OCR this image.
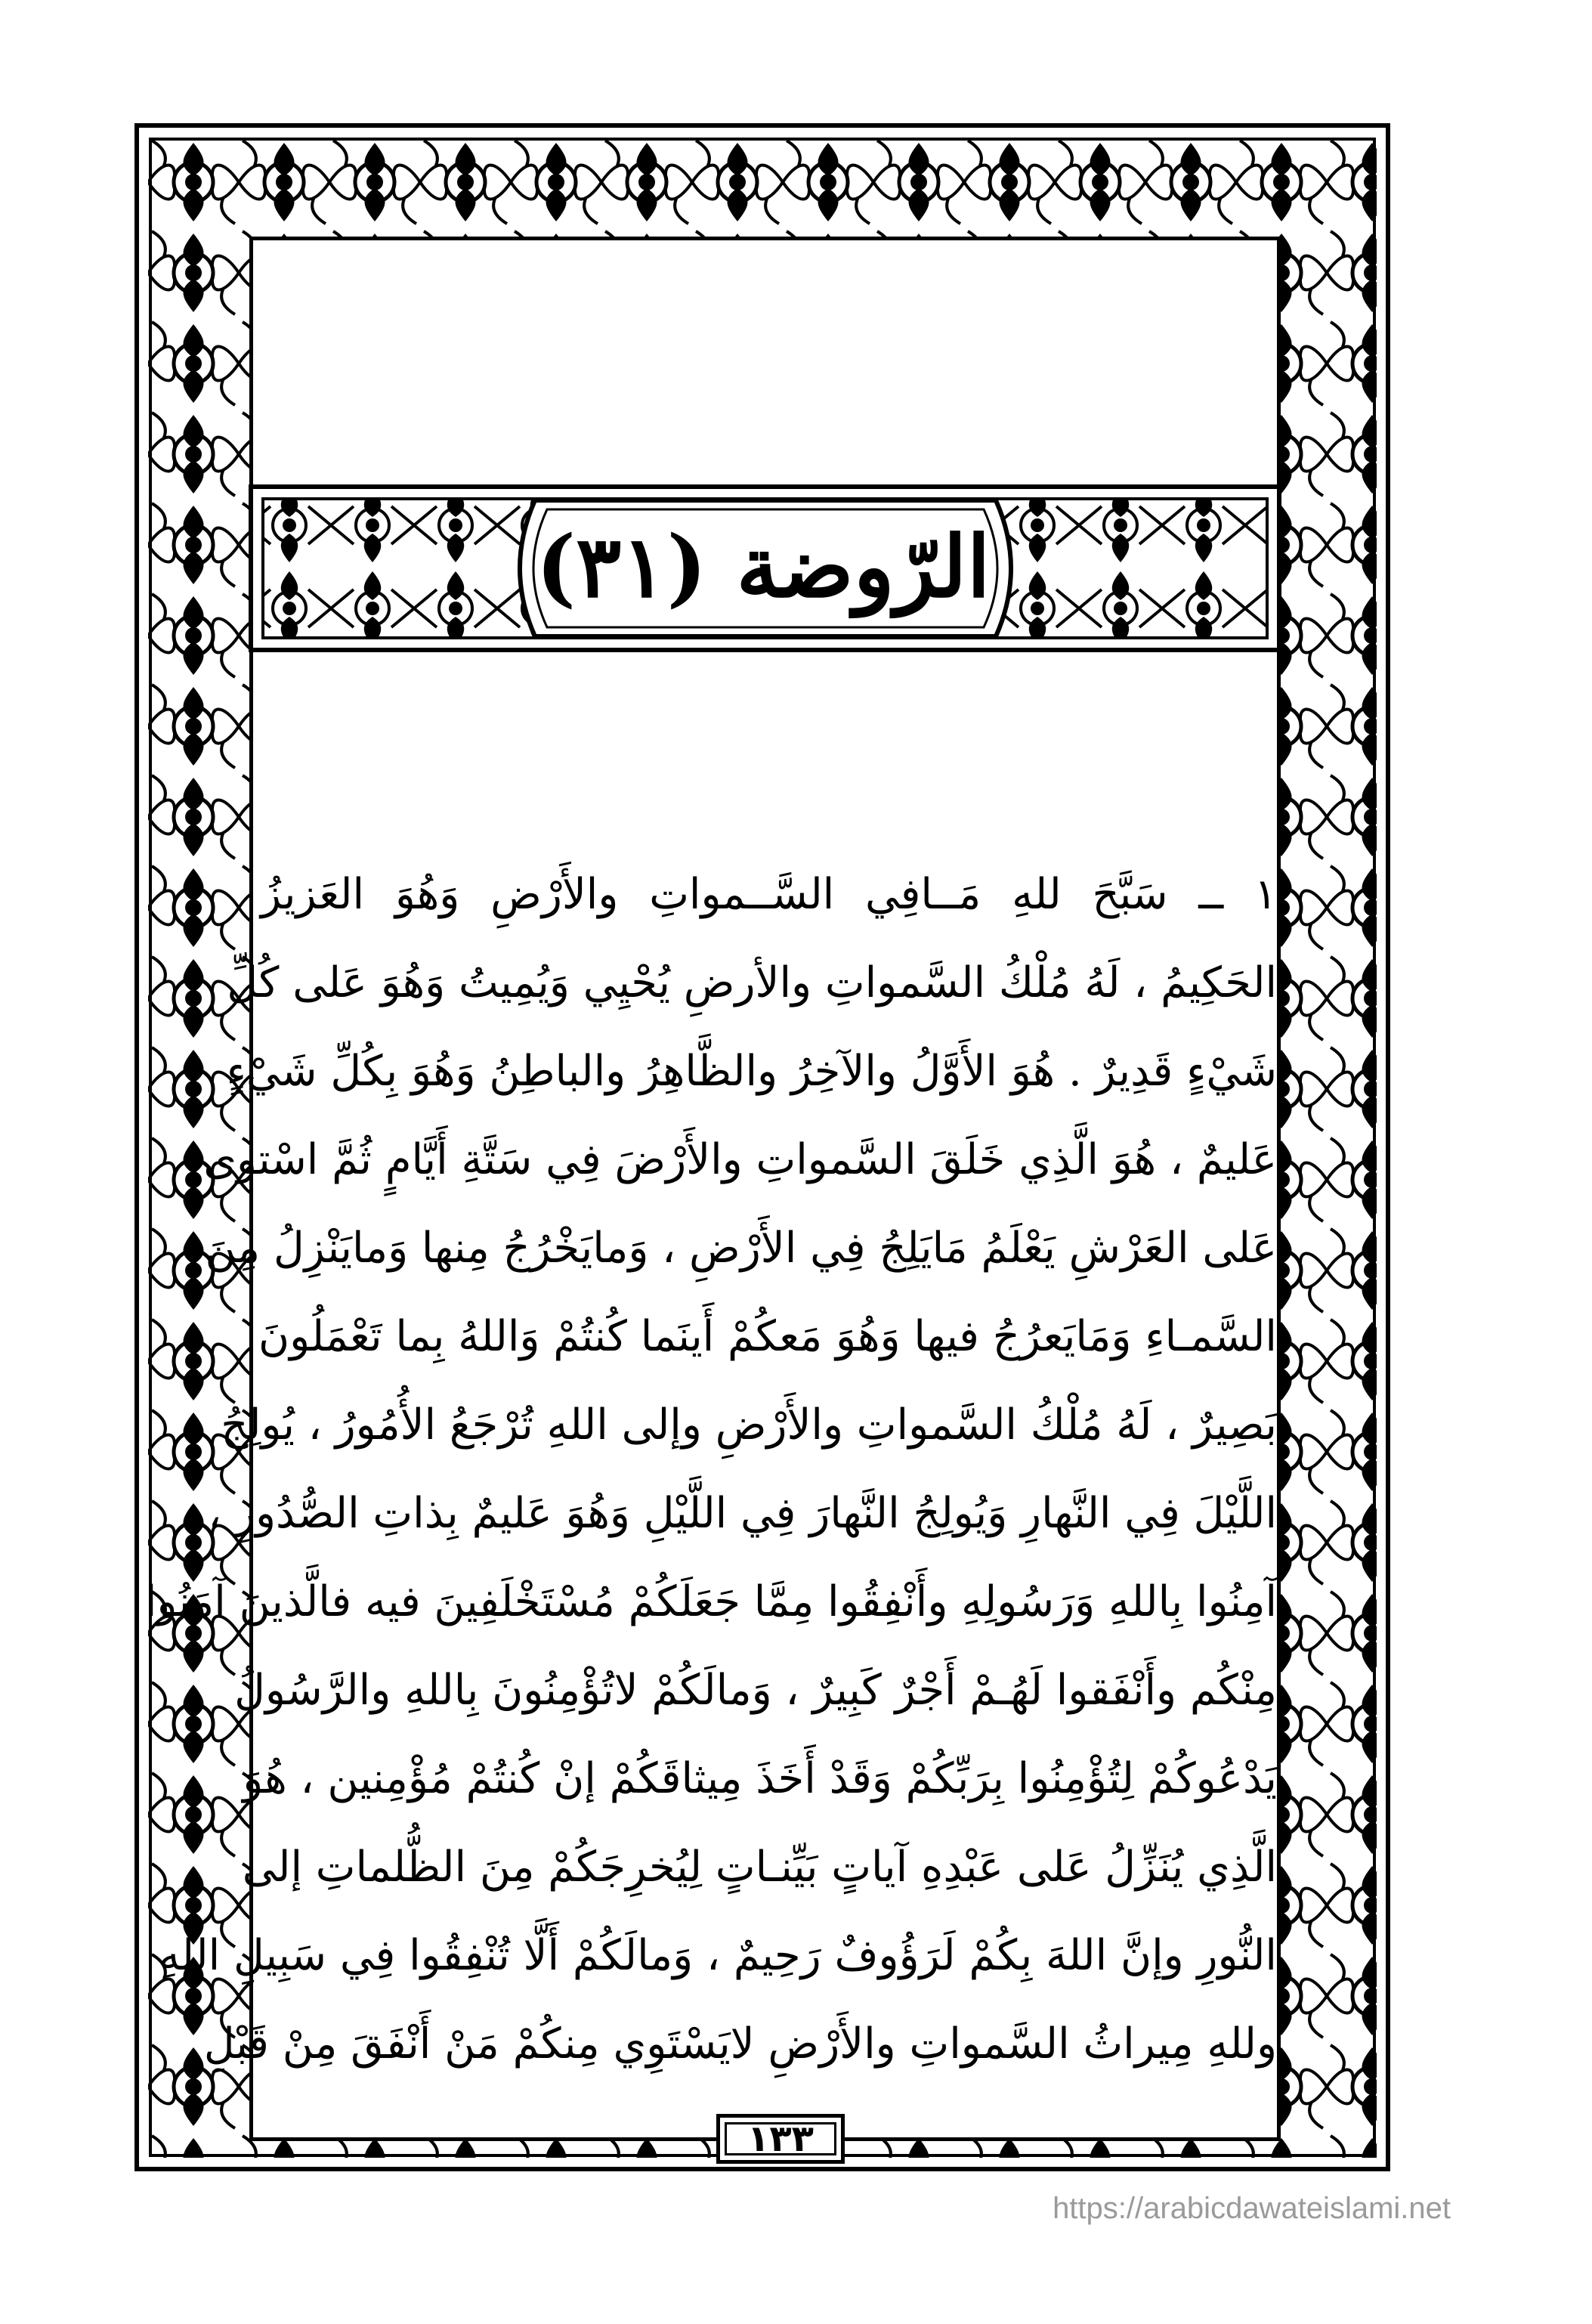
الرّوضة (٣١)
١ ــ سَبَّحَ للهِ مَــافِي السَّــمواتِ والأَرْضِ وَهُوَ العَزيزُ
الحَكِيمُ ، لَهُ مُلْكُ السَّمواتِ والأرضِ يُحْيِي وَيُمِيتُ وَهُوَ عَلى كُلِّ
شَيْءٍ قَدِيرٌ . هُوَ الأَوَّلُ والآخِرُ والظَّاهِرُ والباطِنُ وَهُوَ بِكُلِّ شَيْءٍ
عَليمٌ ، هُوَ الَّذِي خَلَقَ السَّمواتِ والأَرْضَ فِي سَتَّةِ أَيَّامٍ ثُمَّ اسْتوى
عَلى العَرْشِ يَعْلَمُ مَايَلِجُ فِي الأَرْضِ ، وَمايَخْرُجُ مِنها وَمايَنْزِلُ مِنَ
السَّمـاءِ وَمَايَعرُجُ فيها وَهُوَ مَعكُمْ أَينَما كُنتُمْ وَاللهُ بِما تَعْمَلُونَ
بَصِيرٌ ، لَهُ مُلْكُ السَّمواتِ والأَرْضِ وإلى اللهِ تُرْجَعُ الأُمُورُ ، يُولِجُ
اللَّيْلَ فِي النَّهارِ وَيُولِجُ النَّهارَ فِي اللَّيْلِ وَهُوَ عَليمٌ بِذاتِ الصُّدُورِ ،
آمِنُوا بِاللهِ وَرَسُولِهِ وأَنْفِقُوا مِمَّا جَعَلَكُمْ مُسْتَخْلَفِينَ فيه فالَّذينَ آمَنُوا
مِنْكُم وأَنْفَقوا لَهُـمْ أَجْرٌ كَبِيرٌ ، وَمالَكُمْ لاتُؤْمِنُونَ بِاللهِ والرَّسُولُ
يَدْعُوكُمْ لِتُؤْمِنُوا بِرَبِّكُمْ وَقَدْ أَخَذَ مِيثاقَكُمْ إنْ كُنتُمْ مُؤْمِنين ، هُوَ
الَّذِي يُنَزِّلُ عَلى عَبْدِهِ آياتٍ بَيِّنـاتٍ لِيُخرِجَكُمْ مِنَ الظُّلماتِ إلى
النُّورِ وإنَّ اللهَ بِكُمْ لَرَؤُوفٌ رَحِيمٌ ، وَمالَكُمْ أَلَّا تُنْفِقُوا فِي سَبِيلِ اللهِ
وللهِ مِيراثُ السَّمواتِ والأَرْضِ لايَسْتَوِي مِنكُمْ مَنْ أَنْفَقَ مِنْ قَبْلِ
١٣٣
https://arabicdawateislami.net
